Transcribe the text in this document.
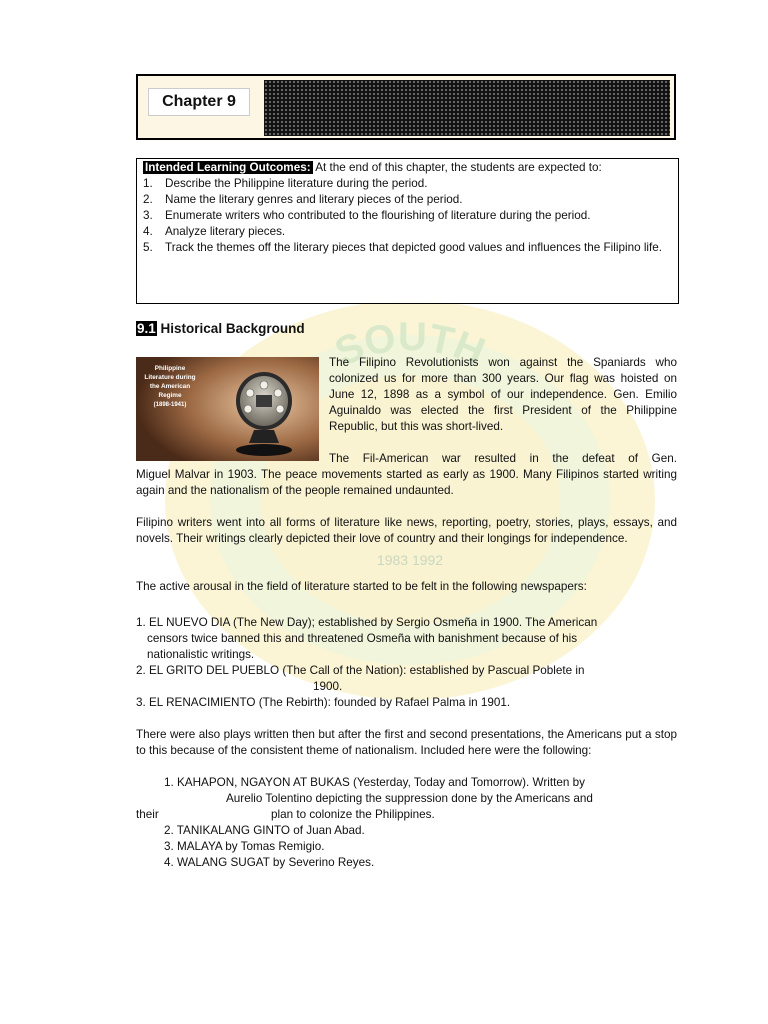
SOUTH
1983 1992
Chapter 9
Intended Learning Outcomes: At the end of this chapter, the students are expected to:
1.	Describe the Philippine literature during the period.
2.	Name the literary genres and literary pieces of the period.
3.	Enumerate writers who contributed to the flourishing of literature during the period.
4.	Analyze literary pieces.
5.	Track the themes off the literary pieces that depicted good values and influences the Filipino life.
9.1 Historical Background
Philippine
Literature during
the American
Regime
(1898-1941)
The Filipino Revolutionists won against the Spaniards who colonized us for more than 300 years. Our flag was hoisted on June 12, 1898 as a symbol of our independence. Gen. Emilio Aguinaldo was elected the first President of the Philippine Republic, but this was short-lived.
The Fil-American war resulted in the defeat of Gen.
Miguel Malvar in 1903. The peace movements started as early as 1900. Many Filipinos started writing again and the nationalism of the people remained undaunted.
Filipino writers went into all forms of literature like news, reporting, poetry, stories, plays, essays, and novels. Their writings clearly depicted their love of country and their longings for independence.
The active arousal in the field of literature started to be felt in the following newspapers:
1. EL NUEVO DIA (The New Day); established by Sergio Osmeña in 1900. The American
censors twice banned this and threatened Osmeña with banishment because of his
nationalistic writings.
2. EL GRITO DEL PUEBLO (The Call of the Nation): established by Pascual Poblete in
1900.
3. EL RENACIMIENTO (The Rebirth): founded by Rafael Palma in 1901.
There were also plays written then but after the first and second presentations, the Americans put a stop to this because of the consistent theme of nationalism. Included here were the following:
1. KAHAPON, NGAYON AT BUKAS (Yesterday, Today and Tomorrow). Written by
Aurelio Tolentino depicting the suppression done by the Americans and
their	plan to colonize the Philippines.
2. TANIKALANG GINTO of Juan Abad.
3. MALAYA by Tomas Remigio.
4. WALANG SUGAT by Severino Reyes.
